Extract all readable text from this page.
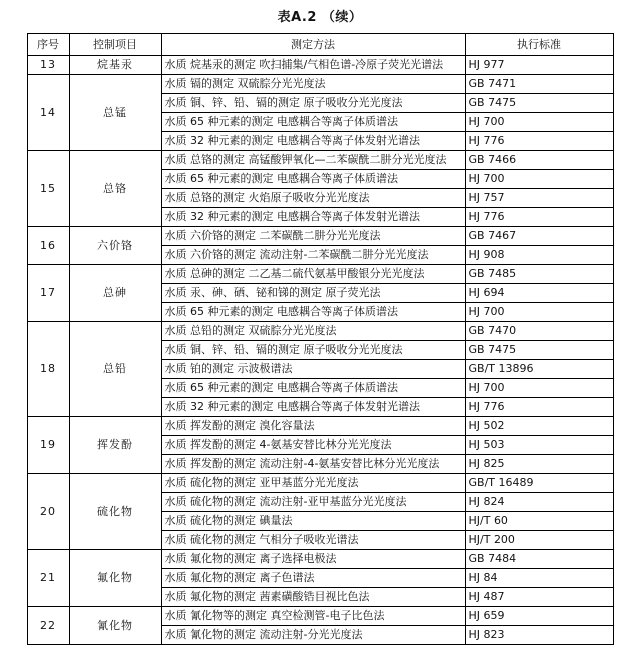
表A.2 （续）
序号	控制项目	测定方法	执行标准
13	烷基汞	水质 烷基汞的测定 吹扫捕集/气相色谱-冷原子荧光光谱法	HJ 977
14	总锰	水质 镉的测定 双硫腙分光光度法	GB 7471
		水质 铜、锌、铅、镉的测定 原子吸收分光光度法	GB 7475
		水质 65 种元素的测定 电感耦合等离子体质谱法	HJ 700
		水质 32 种元素的测定 电感耦合等离子体发射光谱法	HJ 776
15	总铬	水质 总铬的测定 高锰酸钾氧化—二苯碳酰二肼分光光度法	GB 7466
		水质 65 种元素的测定 电感耦合等离子体质谱法	HJ 700
		水质 总铬的测定 火焰原子吸收分光光度法	HJ 757
		水质 32 种元素的测定 电感耦合等离子体发射光谱法	HJ 776
16	六价铬	水质 六价铬的测定 二苯碳酰二肼分光光度法	GB 7467
		水质 六价铬的测定 流动注射-二苯碳酰二肼分光光度法	HJ 908
17	总砷	水质 总砷的测定 二乙基二硫代氨基甲酸银分光光度法	GB 7485
		水质 汞、砷、硒、铋和锑的测定 原子荧光法	HJ 694
		水质 65 种元素的测定 电感耦合等离子体质谱法	HJ 700
18	总铅	水质 总铅的测定 双硫腙分光光度法	GB 7470
		水质 铜、锌、铅、镉的测定 原子吸收分光光度法	GB 7475
		水质 铂的测定 示波极谱法	GB/T 13896
		水质 65 种元素的测定 电感耦合等离子体质谱法	HJ 700
		水质 32 种元素的测定 电感耦合等离子体发射光谱法	HJ 776
19	挥发酚	水质 挥发酚的测定 溴化容量法	HJ 502
		水质 挥发酚的测定 4-氨基安替比林分光光度法	HJ 503
		水质 挥发酚的测定 流动注射-4-氨基安替比林分光光度法	HJ 825
20	硫化物	水质 硫化物的测定 亚甲基蓝分光光度法	GB/T 16489
		水质 硫化物的测定 流动注射-亚甲基蓝分光光度法	HJ 824
		水质 硫化物的测定 碘量法	HJ/T 60
		水质 硫化物的测定 气相分子吸收光谱法	HJ/T 200
21	氟化物	水质 氟化物的测定 离子选择电极法	GB 7484
		水质 氟化物的测定 离子色谱法	HJ 84
		水质 氟化物的测定 茜素磺酸锆目视比色法	HJ 487
22	氰化物	水质 氰化物等的测定 真空检测管-电子比色法	HJ 659
		水质 氰化物的测定 流动注射-分光光度法	HJ 823
